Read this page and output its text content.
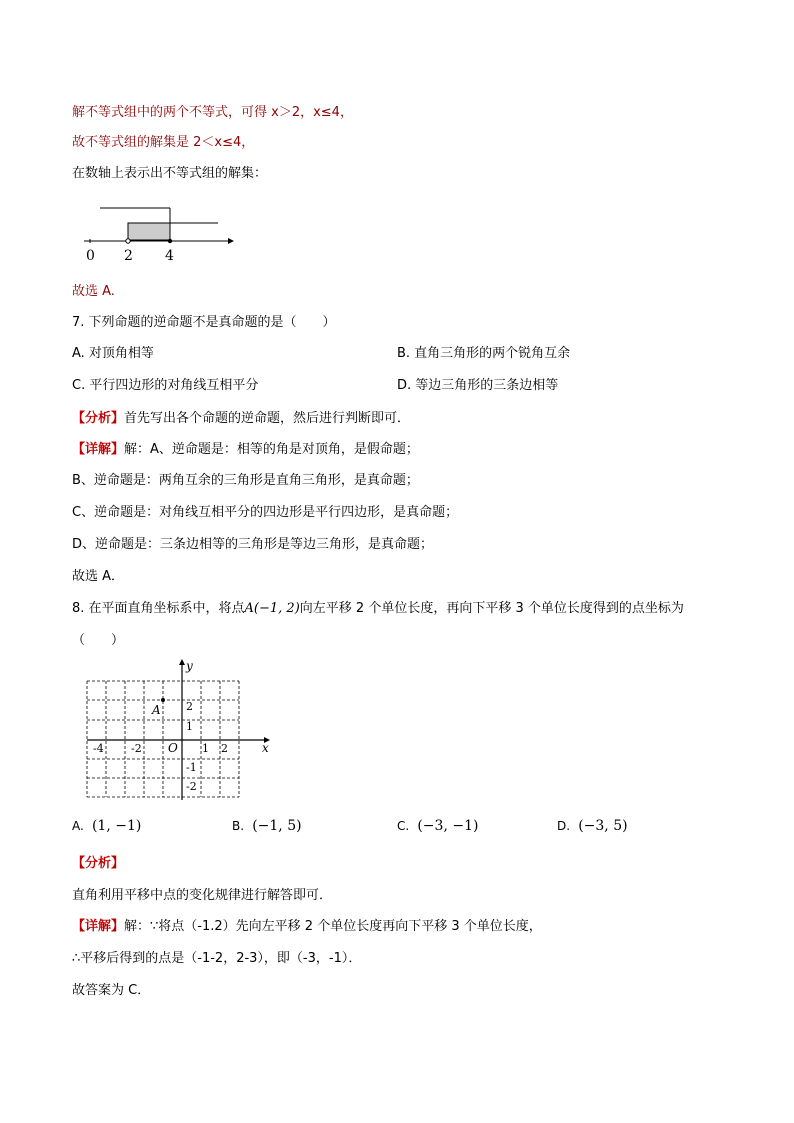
解不等式组中的两个不等式，可得 x＞2，x≤4，
故不等式组的解集是 2＜x≤4，
在数轴上表示出不等式组的解集：
0 2 4
故选 A.
7. 下列命题的逆命题不是真命题的是（　　）
A. 对顶角相等	B. 直角三角形的两个锐角互余
C. 平行四边形的对角线互相平分	D. 等边三角形的三条边相等
【分析】首先写出各个命题的逆命题，然后进行判断即可．
【详解】解：A、逆命题是：相等的角是对顶角，是假命题；
B、逆命题是：两角互余的三角形是直角三角形，是真命题；
C、逆命题是：对角线互相平分的四边形是平行四边形，是真命题；
D、逆命题是：三条边相等的三角形是等边三角形，是真命题；
故选 A．
8. 在平面直角坐标系中，将点A(−1, 2)向左平移 2 个单位长度，再向下平移 3 个单位长度得到的点坐标为
（　　）
A
x
y
O
-4 -2	1 2
2
1
-1
-2
A. (1, −1)	B. (−1, 5)	C. (−3, −1)	D. (−3, 5)
【分析】
直角利用平移中点的变化规律进行解答即可．
【详解】解：∵将点（-1.2）先向左平移 2 个单位长度再向下平移 3 个单位长度，
∴平移后得到的点是（-1-2，2-3），即（-3，-1）．
故答案为 C．
